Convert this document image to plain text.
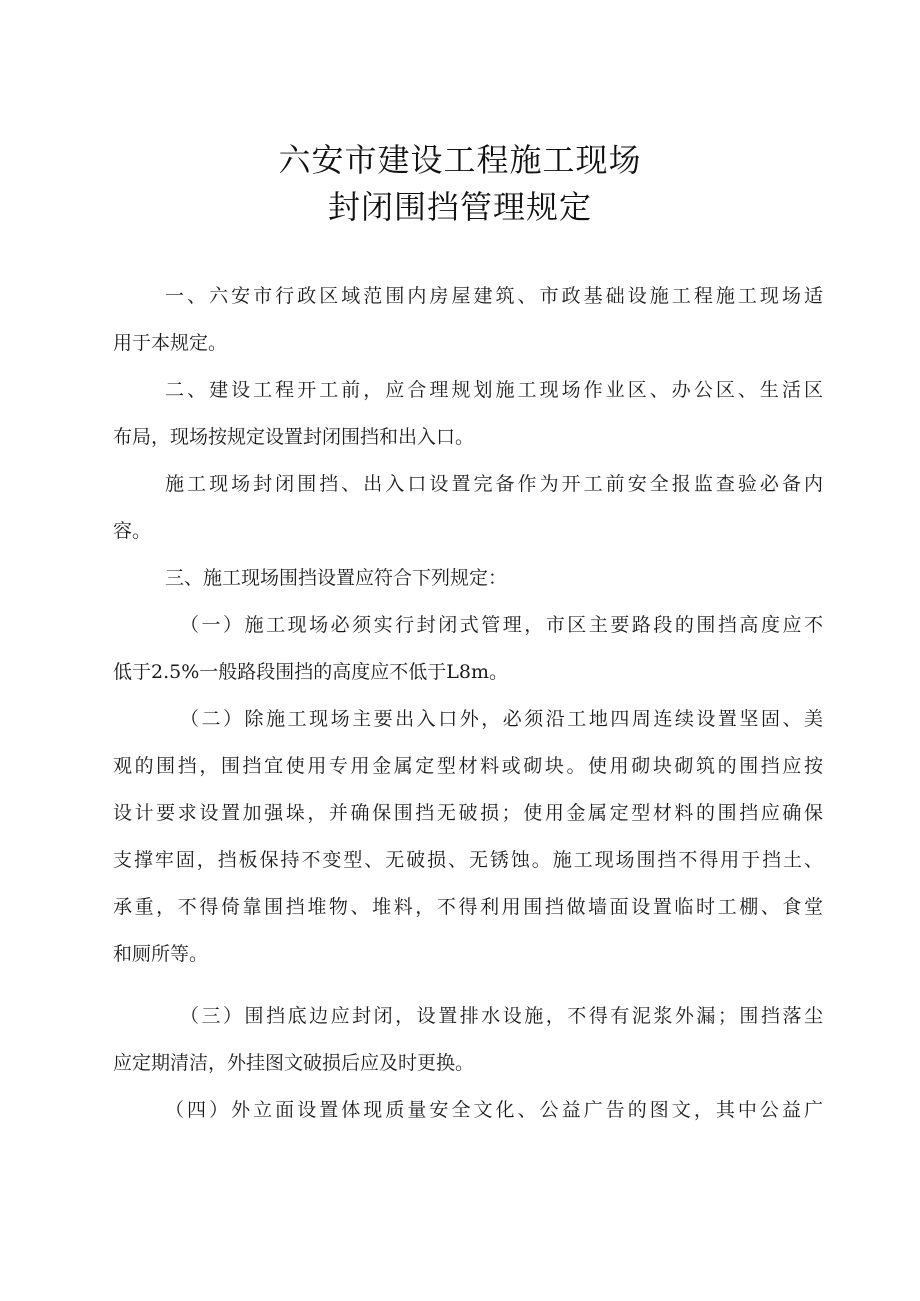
六安市建设工程施工现场
封闭围挡管理规定
一、六安市行政区域范围内房屋建筑、市政基础设施工程施工现场适
用于本规定。
二、建设工程开工前，应合理规划施工现场作业区、办公区、生活区
布局，现场按规定设置封闭围挡和出入口。
施工现场封闭围挡、出入口设置完备作为开工前安全报监查验必备内
容。
三、施工现场围挡设置应符合下列规定：
（一）施工现场必须实行封闭式管理，市区主要路段的围挡高度应不
低于2.5%一般路段围挡的高度应不低于L8m。
（二）除施工现场主要出入口外，必须沿工地四周连续设置坚固、美
观的围挡，围挡宜使用专用金属定型材料或砌块。使用砌块砌筑的围挡应按
设计要求设置加强垛，并确保围挡无破损；使用金属定型材料的围挡应确保
支撑牢固，挡板保持不变型、无破损、无锈蚀。施工现场围挡不得用于挡土、
承重，不得倚靠围挡堆物、堆料，不得利用围挡做墙面设置临时工棚、食堂
和厕所等。
（三）围挡底边应封闭，设置排水设施，不得有泥浆外漏；围挡落尘
应定期清洁，外挂图文破损后应及时更换。
（四）外立面设置体现质量安全文化、公益广告的图文，其中公益广
